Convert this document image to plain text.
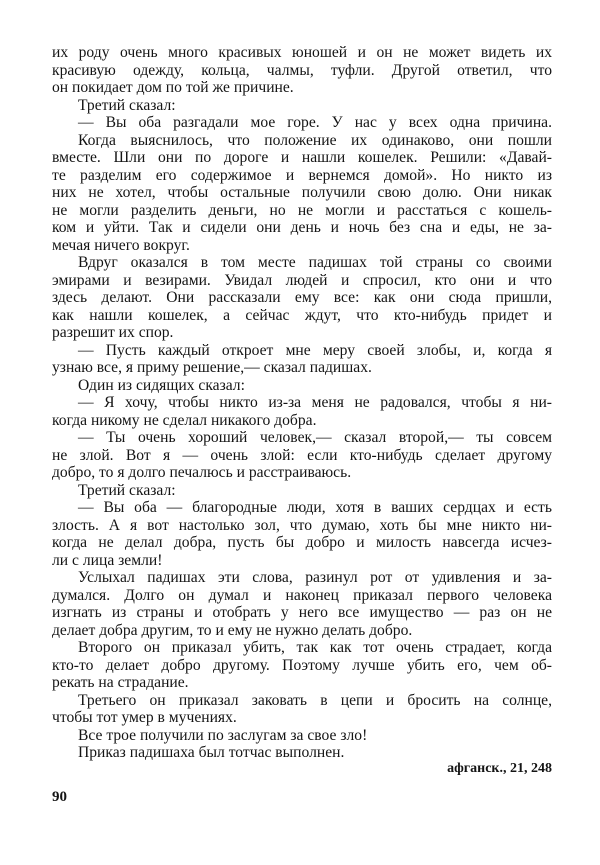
их роду очень много красивых юношей и он не может видеть их
красивую одежду, кольца, чалмы, туфли. Другой ответил, что
он покидает дом по той же причине.
Третий сказал:
— Вы оба разгадали мое горе. У нас у всех одна причина.
Когда выяснилось, что положение их одинаково, они пошли
вместе. Шли они по дороге и нашли кошелек. Решили: «Давай-
те разделим его содержимое и вернемся домой». Но никто из
них не хотел, чтобы остальные получили свою долю. Они никак
не могли разделить деньги, но не могли и расстаться с кошель-
ком и уйти. Так и сидели они день и ночь без сна и еды, не за-
мечая ничего вокруг.
Вдруг оказался в том месте падишах той страны со своими
эмирами и везирами. Увидал людей и спросил, кто они и что
здесь делают. Они рассказали ему все: как они сюда пришли,
как нашли кошелек, а сейчас ждут, что кто-нибудь придет и
разрешит их спор.
— Пусть каждый откроет мне меру своей злобы, и, когда я
узнаю все, я приму решение,— сказал падишах.
Один из сидящих сказал:
— Я хочу, чтобы никто из-за меня не радовался, чтобы я ни-
когда никому не сделал никакого добра.
— Ты очень хороший человек,— сказал второй,— ты совсем
не злой. Вот я — очень злой: если кто-нибудь сделает другому
добро, то я долго печалюсь и расстраиваюсь.
Третий сказал:
— Вы оба — благородные люди, хотя в ваших сердцах и есть
злость. А я вот настолько зол, что думаю, хоть бы мне никто ни-
когда не делал добра, пусть бы добро и милость навсегда исчез-
ли с лица земли!
Услыхал падишах эти слова, разинул рот от удивления и за-
думался. Долго он думал и наконец приказал первого человека
изгнать из страны и отобрать у него все имущество — раз он не
делает добра другим, то и ему не нужно делать добро.
Второго он приказал убить, так как тот очень страдает, когда
кто-то делает добро другому. Поэтому лучше убить его, чем об-
рекать на страдание.
Третьего он приказал заковать в цепи и бросить на солнце,
чтобы тот умер в мучениях.
Все трое получили по заслугам за свое зло!
Приказ падишаха был тотчас выполнен.
афганск., 21, 248
90
